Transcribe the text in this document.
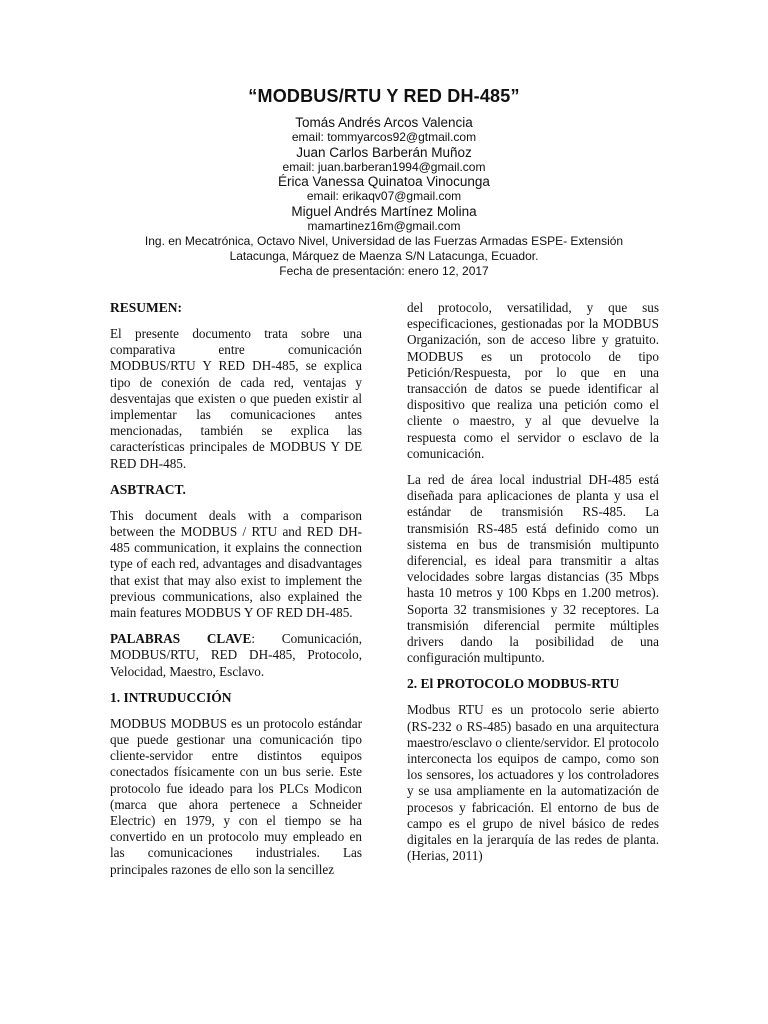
“MODBUS/RTU Y RED DH-485”
Tomás Andrés Arcos Valencia
email: tommyarcos92@gtmail.com
Juan Carlos Barberán Muñoz
email: juan.barberan1994@gmail.com
Érica Vanessa Quinatoa Vinocunga
email: erikaqv07@gmail.com
Miguel Andrés Martínez Molina
mamartinez16m@gmail.com
Ing. en Mecatrónica, Octavo Nivel, Universidad de las Fuerzas Armadas ESPE- Extensión
Latacunga, Márquez de Maenza S/N Latacunga, Ecuador.
Fecha de presentación: enero 12, 2017
RESUMEN:

El presente documento trata sobre una comparativa entre comunicación MODBUS/RTU Y RED DH-485, se explica tipo de conexión de cada red, ventajas y desventajas que existen o que pueden existir al implementar las comunicaciones antes mencionadas, también se explica las características principales de MODBUS Y DE RED DH-485.

ASBTRACT.

This document deals with a comparison between the MODBUS / RTU and RED DH-485 communication, it explains the connection type of each red, advantages and disadvantages that exist that may also exist to implement the previous communications, also explained the main features MODBUS Y OF RED DH-485.

PALABRAS CLAVE: Comunicación, MODBUS/RTU, RED DH-485, Protocolo, Velocidad, Maestro, Esclavo.

1. INTRUDUCCIÓN

MODBUS MODBUS es un protocolo estándar que puede gestionar una comunicación tipo cliente-servidor entre distintos equipos conectados físicamente con un bus serie. Este protocolo fue ideado para los PLCs Modicon (marca que ahora pertenece a Schneider Electric) en 1979, y con el tiempo se ha convertido en un protocolo muy empleado en las comunicaciones industriales. Las principales razones de ello son la sencillez

del protocolo, versatilidad, y que sus especificaciones, gestionadas por la MODBUS Organización, son de acceso libre y gratuito. MODBUS es un protocolo de tipo Petición/Respuesta, por lo que en una transacción de datos se puede identificar al dispositivo que realiza una petición como el cliente o maestro, y al que devuelve la respuesta como el servidor o esclavo de la comunicación.

La red de área local industrial DH-485 está diseñada para aplicaciones de planta y usa el estándar de transmisión RS-485. La transmisión RS-485 está definido como un sistema en bus de transmisión multipunto diferencial, es ideal para transmitir a altas velocidades sobre largas distancias (35 Mbps hasta 10 metros y 100 Kbps en 1.200 metros). Soporta 32 transmisiones y 32 receptores. La transmisión diferencial permite múltiples drivers dando la posibilidad de una configuración multipunto.

2. El PROTOCOLO MODBUS-RTU

Modbus RTU es un protocolo serie abierto (RS-232 o RS-485) basado en una arquitectura maestro/esclavo o cliente/servidor. El protocolo interconecta los equipos de campo, como son los sensores, los actuadores y los controladores y se usa ampliamente en la automatización de procesos y fabricación. El entorno de bus de campo es el grupo de nivel básico de redes digitales en la jerarquía de las redes de planta. (Herias, 2011)
